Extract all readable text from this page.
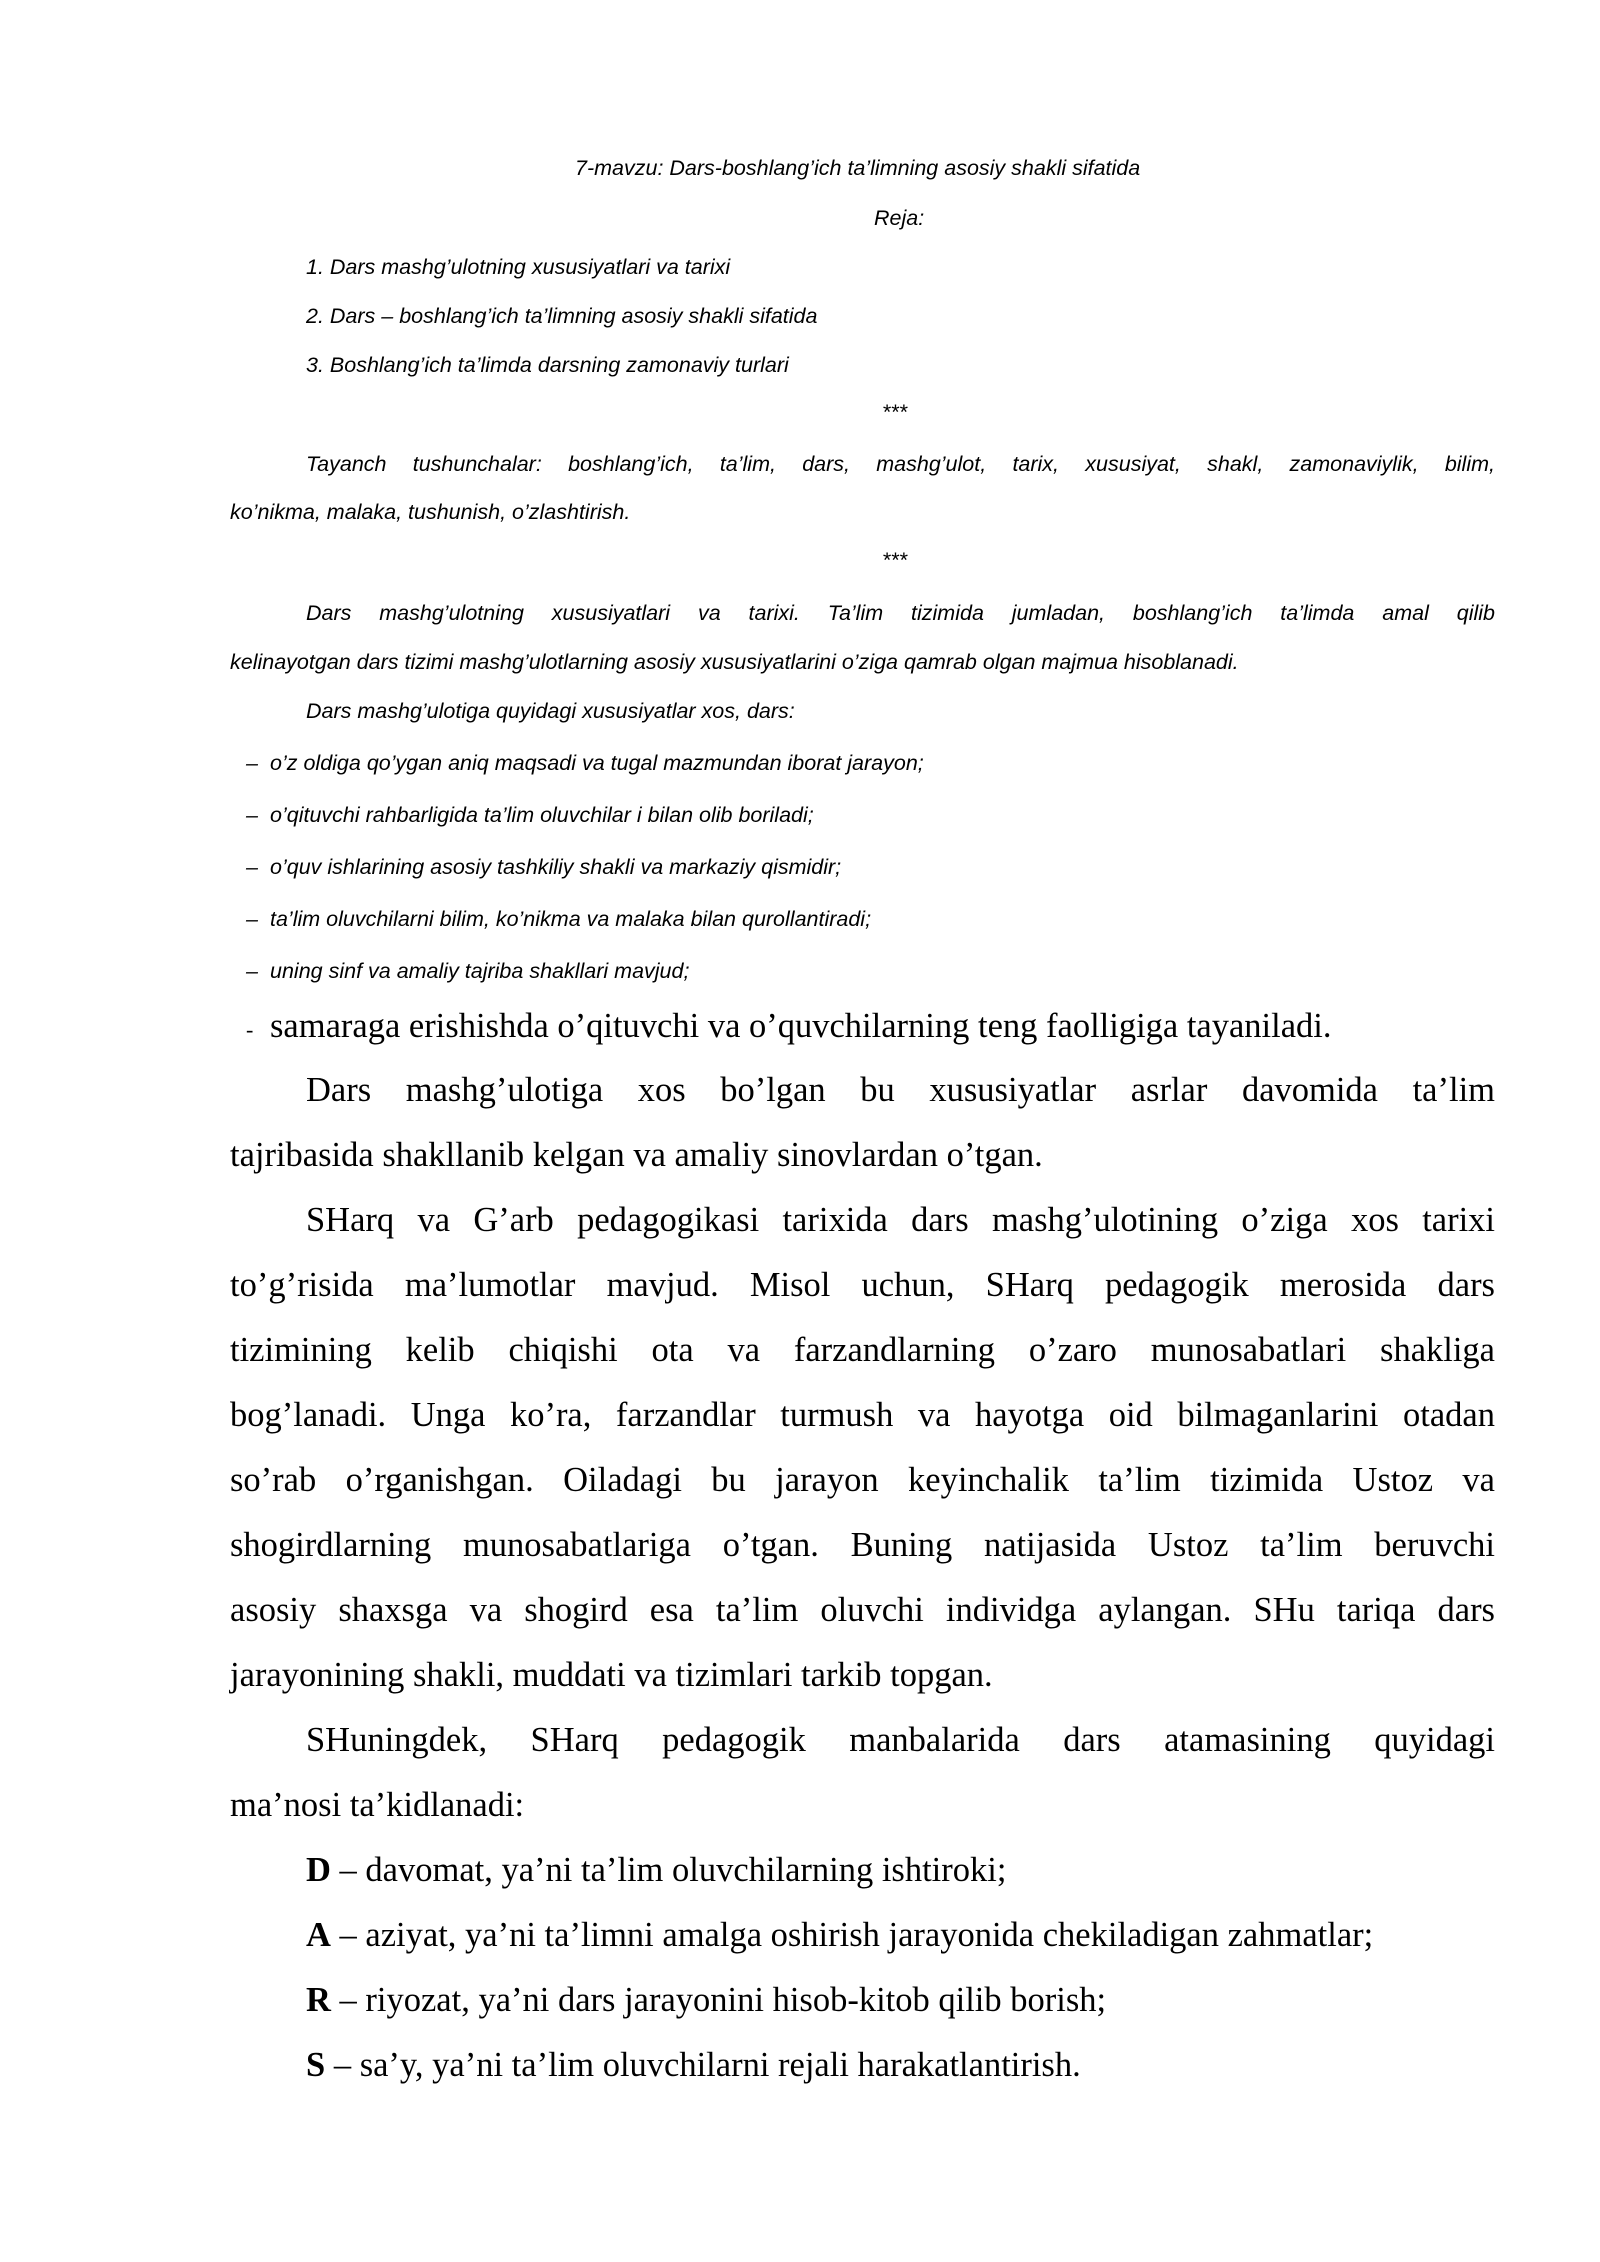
7-mavzu: Dars-boshlang’ich ta’limning asosiy shakli sifatida
Reja:
1. Dars mashg’ulotning xususiyatlari va tarixi
2. Dars – boshlang’ich ta’limning asosiy shakli sifatida
3. Boshlang’ich ta’limda darsning zamonaviy turlari
***
Tayanch tushunchalar: boshlang’ich, ta’lim, dars, mashg’ulot, tarix, xususiyat, shakl, zamonaviylik, bilim,
ko’nikma, malaka, tushunish, o’zlashtirish.
***
Dars mashg’ulotning xususiyatlari va tarixi. Ta’lim tizimida jumladan, boshlang’ich ta’limda amal qilib
kelinayotgan dars tizimi mashg’ulotlarning asosiy xususiyatlarini o’ziga qamrab olgan majmua hisoblanadi.
Dars mashg’ulotiga quyidagi xususiyatlar xos, dars:
– o’z oldiga qo’ygan aniq maqsadi va tugal mazmundan iborat jarayon;
– o’qituvchi rahbarligida ta’lim oluvchilar i bilan olib boriladi;
– o’quv ishlarining asosiy tashkiliy shakli va markaziy qismidir;
– ta’lim oluvchilarni bilim, ko’nikma va malaka bilan qurollantiradi;
– uning sinf va amaliy tajriba shakllari mavjud;
- samaraga erishishda o’qituvchi va o’quvchilarning teng faolligiga tayaniladi.
Dars mashg’ulotiga xos bo’lgan bu xususiyatlar asrlar davomida ta’lim
tajribasida shakllanib kelgan va amaliy sinovlardan o’tgan.
SHarq va G’arb pedagogikasi tarixida dars mashg’ulotining o’ziga xos tarixi
to’g’risida ma’lumotlar mavjud. Misol uchun, SHarq pedagogik merosida dars
tizimining kelib chiqishi ota va farzandlarning o’zaro munosabatlari shakliga
bog’lanadi. Unga ko’ra, farzandlar turmush va hayotga oid bilmaganlarini otadan
so’rab o’rganishgan. Oiladagi bu jarayon keyinchalik ta’lim tizimida Ustoz va
shogirdlarning munosabatlariga o’tgan. Buning natijasida Ustoz ta’lim beruvchi
asosiy shaxsga va shogird esa ta’lim oluvchi individga aylangan. SHu tariqa dars
jarayonining shakli, muddati va tizimlari tarkib topgan.
SHuningdek, SHarq pedagogik manbalarida dars atamasining quyidagi
ma’nosi ta’kidlanadi:
D – davomat, ya’ni ta’lim oluvchilarning ishtiroki;
A – aziyat, ya’ni ta’limni amalga oshirish jarayonida chekiladigan zahmatlar;
R – riyozat, ya’ni dars jarayonini hisob-kitob qilib borish;
S – sa’y, ya’ni ta’lim oluvchilarni rejali harakatlantirish.
